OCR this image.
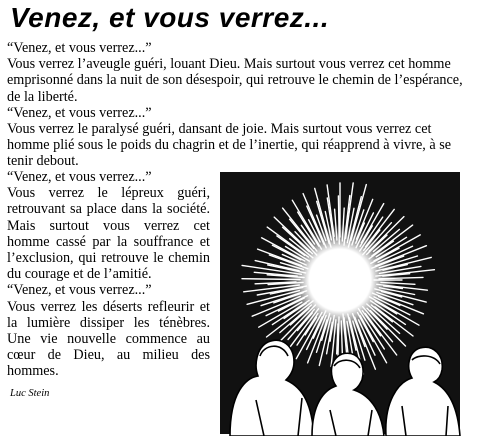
Venez, et vous verrez...
“Venez, et vous verrez...”
Vous verrez l’aveugle guéri, louant Dieu. Mais surtout vous verrez cet homme emprisonné dans la nuit de son désespoir, qui retrouve le chemin de l’espérance, de la liberté.
“Venez, et vous verrez...”
Vous verrez le paralysé guéri, dansant de joie. Mais surtout vous verrez cet homme plié sous le poids du chagrin et de l’inertie, qui réapprend à vivre, à se tenir debout.
“Venez, et vous verrez...”
Vous verrez le lépreux guéri, retrouvant sa place dans la société. Mais surtout vous verrez cet homme cassé par la souffrance et l’exclusion, qui retrouve le chemin du courage et de l’amitié.
“Venez, et vous verrez...”
Vous verrez les déserts refleurir et la lumière dissiper les ténèbres. Une vie nouvelle commence au cœur de Dieu, au milieu des hommes.
Luc Stein
